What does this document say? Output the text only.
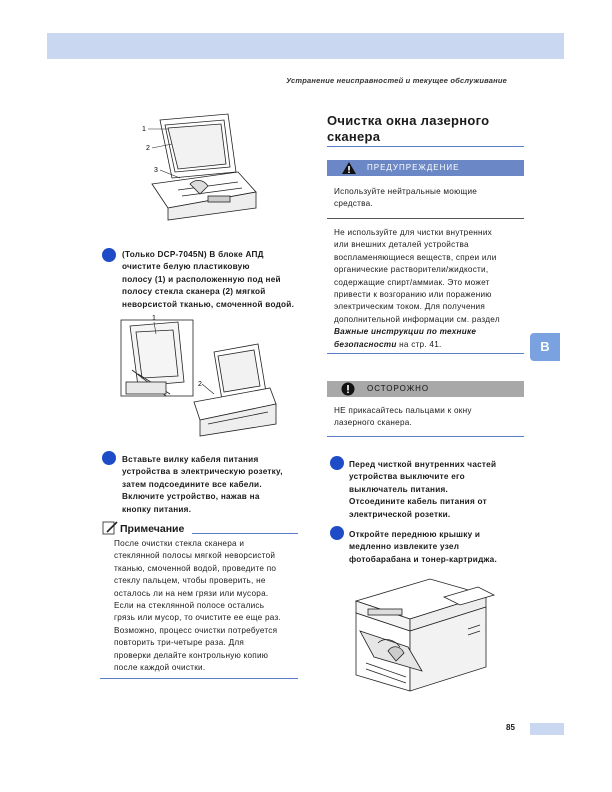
Устранение неисправностей и текущее обслуживание
1
2
3
(Только DCP-7045N) В блоке АПД
очистите белую пластиковую
полосу (1) и расположенную под ней
полосу стекла сканера (2) мягкой
неворсистой тканью, смоченной водой.
1
2
Вставьте вилку кабеля питания
устройства в электрическую розетку,
затем подсоедините все кабели.
Включите устройство, нажав на
кнопку питания.
Примечание
После очистки стекла сканера и
стеклянной полосы мягкой неворсистой
тканью, смоченной водой, проведите по
стеклу пальцем, чтобы проверить, не
осталось ли на нем грязи или мусора.
Если на стеклянной полосе остались
грязь или мусор, то очистите ее еще раз.
Возможно, процесс очистки потребуется
повторить три-четыре раза. Для
проверки делайте контрольную копию
после каждой очистки.
Очистка окна лазерного
сканера
ПРЕДУПРЕЖДЕНИЕ
Используйте нейтральные моющие
средства.
Не используйте для чистки внутренних
или внешних деталей устройства
воспламеняющиеся веществ, спреи или
органические растворители/жидкости,
содержащие спирт/аммиак. Это может
привести к возгоранию или поражению
электрическим током. Для получения
дополнительной информации см. раздел
Важные инструкции по технике
безопасности на стр. 41.	B
ОСТОРОЖНО
НЕ прикасайтесь пальцами к окну
лазерного сканера.
Перед чисткой внутренних частей
устройства выключите его
выключатель питания.
Отсоедините кабель питания от
электрической розетки.
Откройте переднюю крышку и
медленно извлеките узел
фотобарабана и тонер-картриджа.
85
